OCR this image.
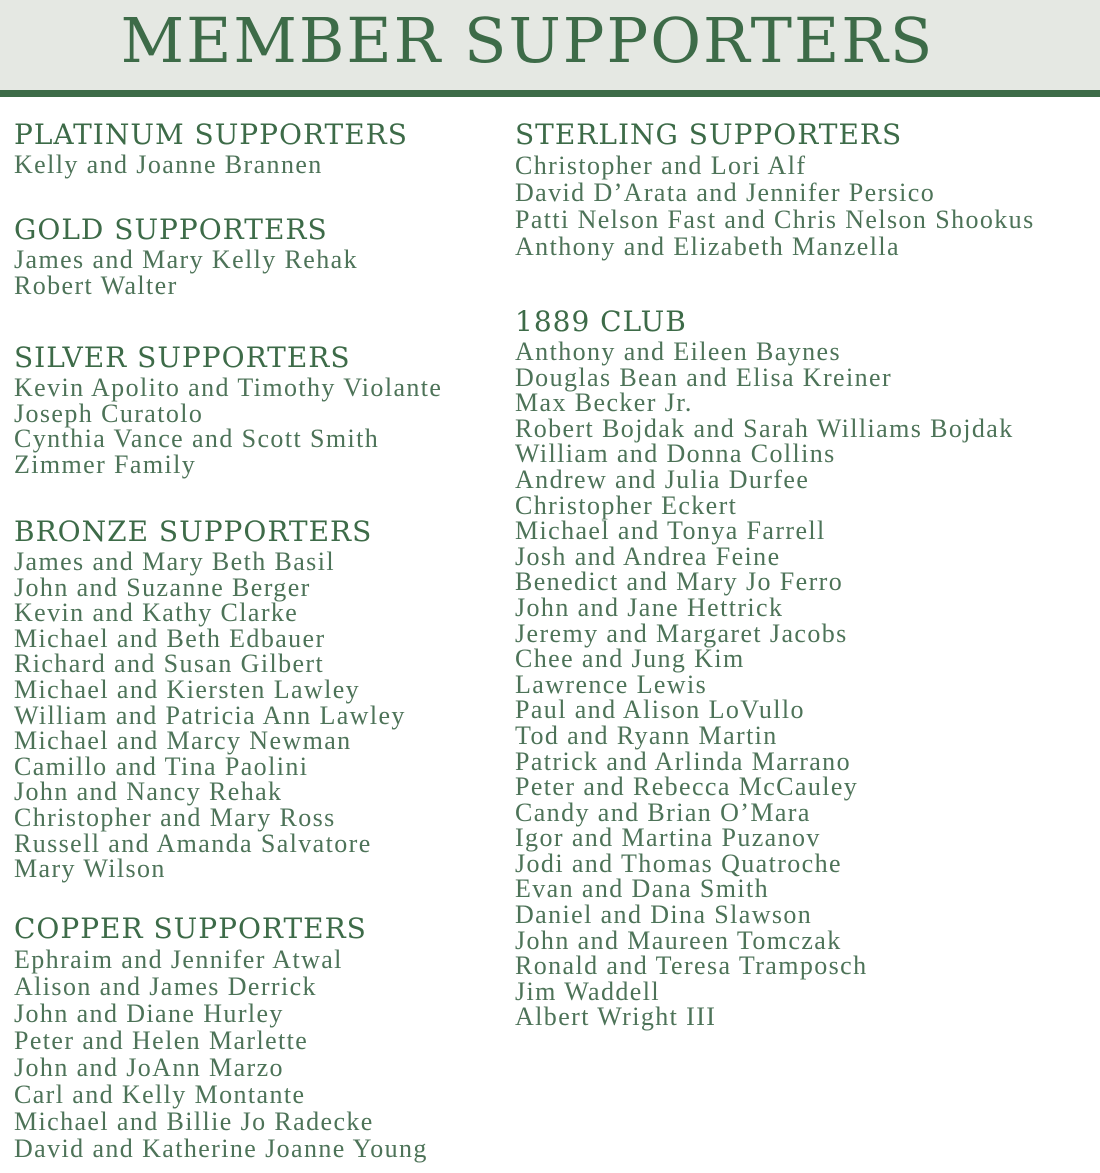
MEMBER SUPPORTERS
PLATINUM SUPPORTERS
Kelly and Joanne Brannen
GOLD SUPPORTERS
James and Mary Kelly Rehak
Robert Walter
SILVER SUPPORTERS
Kevin Apolito and Timothy Violante
Joseph Curatolo
Cynthia Vance and Scott Smith
Zimmer Family
BRONZE SUPPORTERS
James and Mary Beth Basil
John and Suzanne Berger
Kevin and Kathy Clarke
Michael and Beth Edbauer
Richard and Susan Gilbert
Michael and Kiersten Lawley
William and Patricia Ann Lawley
Michael and Marcy Newman
Camillo and Tina Paolini
John and Nancy Rehak
Christopher and Mary Ross
Russell and Amanda Salvatore
Mary Wilson
COPPER SUPPORTERS
Ephraim and Jennifer Atwal
Alison and James Derrick
John and Diane Hurley
Peter and Helen Marlette
John and JoAnn Marzo
Carl and Kelly Montante
Michael and Billie Jo Radecke
David and Katherine Joanne Young
STERLING SUPPORTERS
Christopher and Lori Alf
David D’Arata and Jennifer Persico
Patti Nelson Fast and Chris Nelson Shookus
Anthony and Elizabeth Manzella
1889 CLUB
Anthony and Eileen Baynes
Douglas Bean and Elisa Kreiner
Max Becker Jr.
Robert Bojdak and Sarah Williams Bojdak
William and Donna Collins
Andrew and Julia Durfee
Christopher Eckert
Michael and Tonya Farrell
Josh and Andrea Feine
Benedict and Mary Jo Ferro
John and Jane Hettrick
Jeremy and Margaret Jacobs
Chee and Jung Kim
Lawrence Lewis
Paul and Alison LoVullo
Tod and Ryann Martin
Patrick and Arlinda Marrano
Peter and Rebecca McCauley
Candy and Brian O’Mara
Igor and Martina Puzanov
Jodi and Thomas Quatroche
Evan and Dana Smith
Daniel and Dina Slawson
John and Maureen Tomczak
Ronald and Teresa Tramposch
Jim Waddell
Albert Wright III
